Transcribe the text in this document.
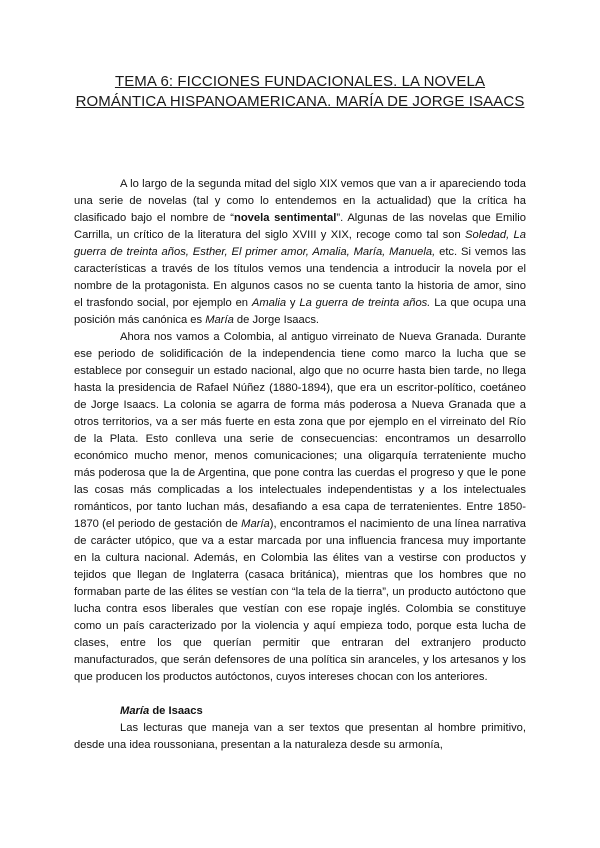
TEMA 6: FICCIONES FUNDACIONALES. LA NOVELA
ROMÁNTICA HISPANOAMERICANA. MARÍA DE JORGE ISAACS

A lo largo de la segunda mitad del siglo XIX vemos que van a ir apareciendo toda una serie de novelas (tal y como lo entendemos en la actualidad) que la crítica ha clasificado bajo el nombre de “novela sentimental”. Algunas de las novelas que Emilio Carrilla, un crítico de la literatura del siglo XVIII y XIX, recoge como tal son Soledad, La guerra de treinta años, Esther, El primer amor, Amalia, María, Manuela, etc. Si vemos las características a través de los títulos vemos una tendencia a introducir la novela por el nombre de la protagonista. En algunos casos no se cuenta tanto la historia de amor, sino el trasfondo social, por ejemplo en Amalia y La guerra de treinta años. La que ocupa una posición más canónica es María de Jorge Isaacs.

Ahora nos vamos a Colombia, al antiguo virreinato de Nueva Granada. Durante ese periodo de solidificación de la independencia tiene como marco la lucha que se establece por conseguir un estado nacional, algo que no ocurre hasta bien tarde, no llega hasta la presidencia de Rafael Núñez (1880-1894), que era un escritor-político, coetáneo de Jorge Isaacs. La colonia se agarra de forma más poderosa a Nueva Granada que a otros territorios, va a ser más fuerte en esta zona que por ejemplo en el virreinato del Río de la Plata. Esto conlleva una serie de consecuencias: encontramos un desarrollo económico mucho menor, menos comunicaciones; una oligarquía terrateniente mucho más poderosa que la de Argentina, que pone contra las cuerdas el progreso y que le pone las cosas más complicadas a los intelectuales independentistas y a los intelectuales románticos, por tanto luchan más, desafiando a esa capa de terratenientes. Entre 1850-1870 (el periodo de gestación de María), encontramos el nacimiento de una línea narrativa de carácter utópico, que va a estar marcada por una influencia francesa muy importante en la cultura nacional. Además, en Colombia las élites van a vestirse con productos y tejidos que llegan de Inglaterra (casaca británica), mientras que los hombres que no formaban parte de las élites se vestían con “la tela de la tierra”, un producto autóctono que lucha contra esos liberales que vestían con ese ropaje inglés. Colombia se constituye como un país caracterizado por la violencia y aquí empieza todo, porque esta lucha de clases, entre los que querían permitir que entraran del extranjero producto manufacturados, que serán defensores de una política sin aranceles, y los artesanos y los que producen los productos autóctonos, cuyos intereses chocan con los anteriores.

María de Isaacs

Las lecturas que maneja van a ser textos que presentan al hombre primitivo, desde una idea roussoniana, presentan a la naturaleza desde su armonía,
